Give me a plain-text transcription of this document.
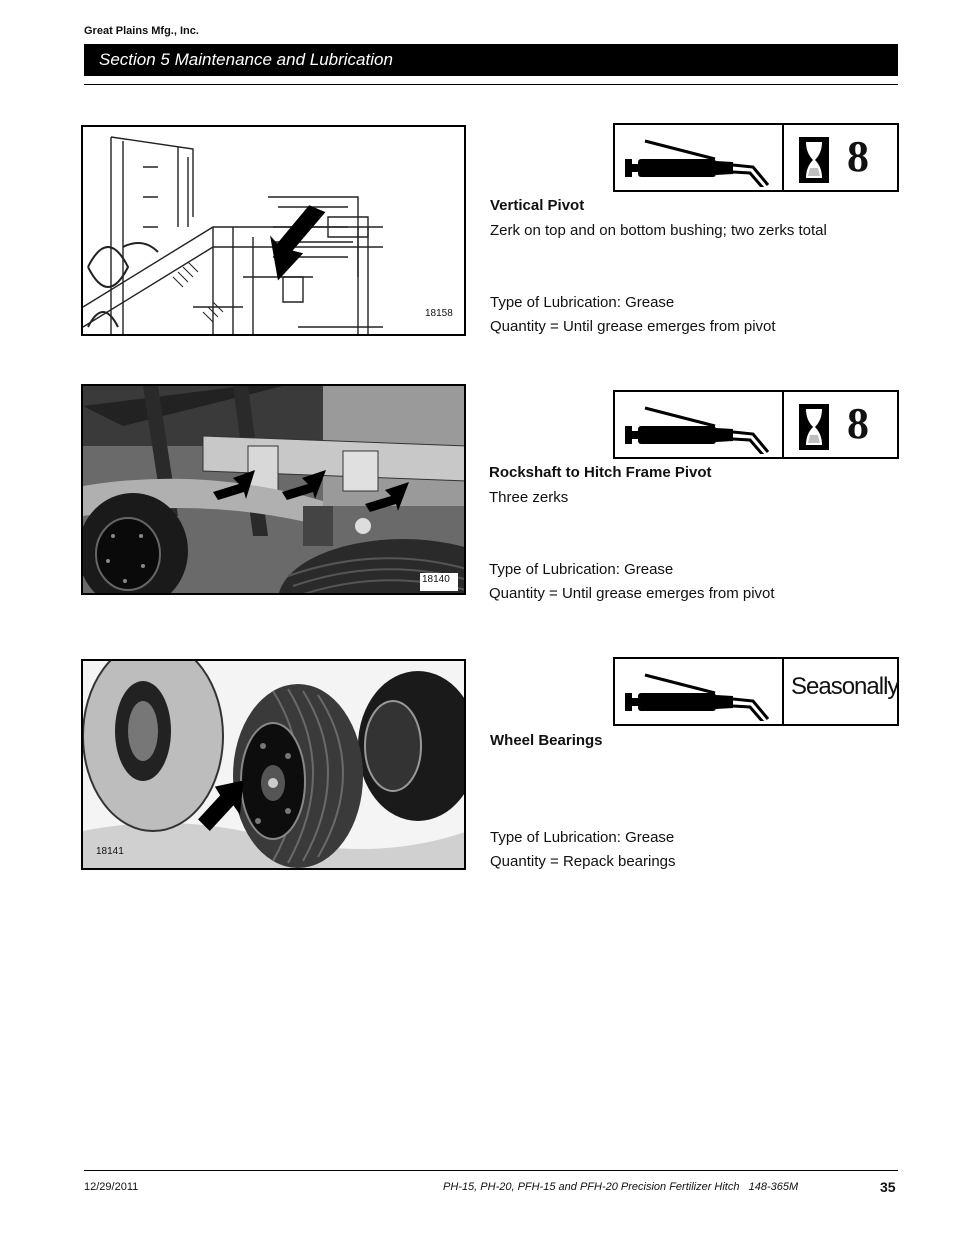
Great Plains Mfg., Inc.
Section 5 Maintenance and Lubrication
18158
8
Vertical Pivot
Zerk on top and on bottom bushing; two zerks total
Type of Lubrication: Grease
Quantity = Until grease emerges from pivot
18140
8
Rockshaft to Hitch Frame Pivot
Three zerks
Type of Lubrication: Grease
Quantity = Until grease emerges from pivot
18141
Seasonally
Wheel Bearings
Type of Lubrication: Grease
Quantity = Repack bearings
12/29/2011	PH-15, PH-20, PFH-15 and PFH-20 Precision Fertilizer Hitch   148-365M	35
